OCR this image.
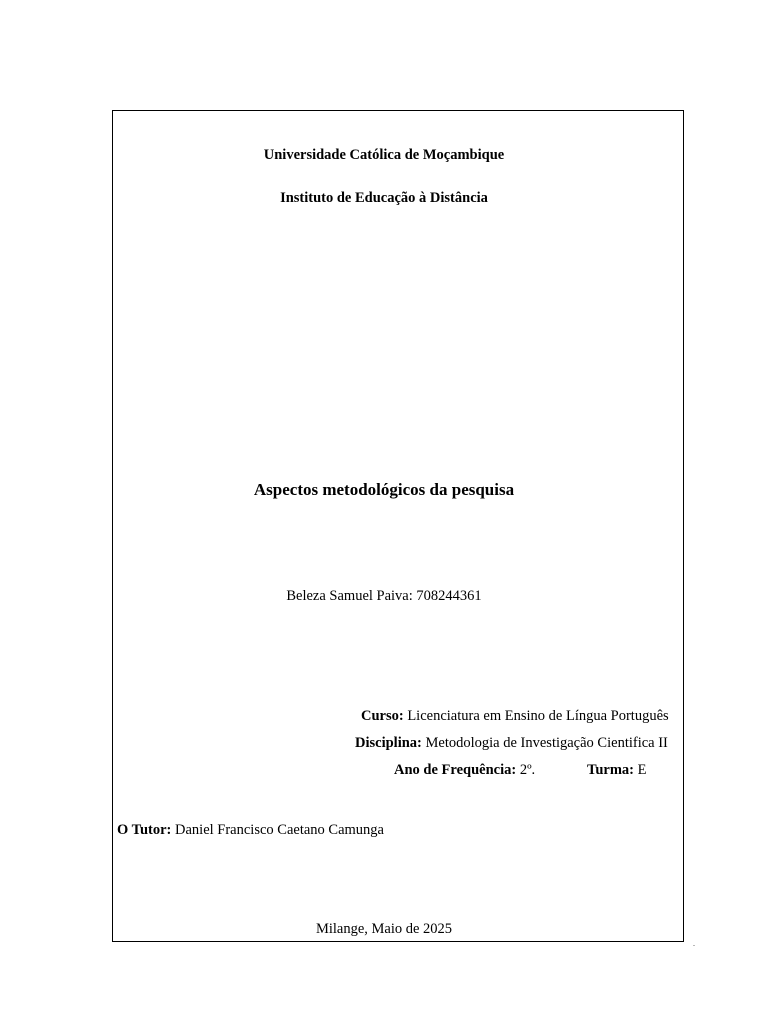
Universidade Católica de Moçambique
Instituto de Educação à Distância
Aspectos metodológicos da pesquisa
Beleza Samuel Paiva: 708244361
Curso: Licenciatura em Ensino de Língua Português
Disciplina: Metodologia de Investigação Cientifica II
Ano de Frequência: 2º.	Turma: E
O Tutor: Daniel Francisco Caetano Camunga
Milange, Maio de 2025
.
